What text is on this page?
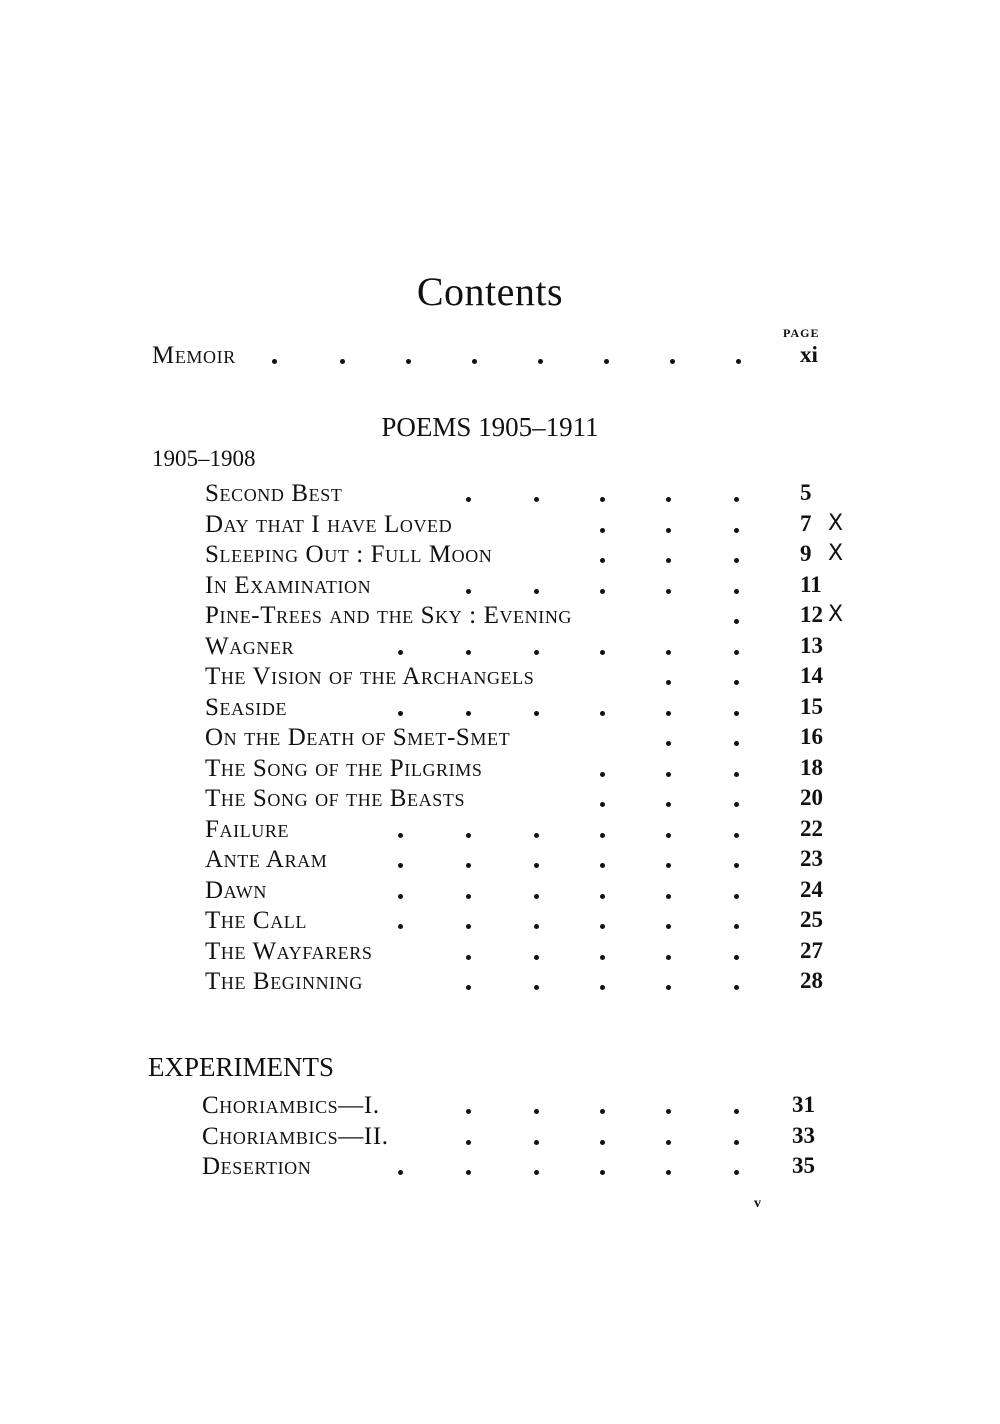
Contents
PAGE
Memoir	xi
POEMS 1905–1911
1905–1908
Second Best	5
Day that I have Loved	7 X
Sleeping Out : Full Moon	9 X
In Examination	11
Pine-Trees and the Sky : Evening	12 X
Wagner	13
The Vision of the Archangels	14
Seaside	15
On the Death of Smet-Smet	16
The Song of the Pilgrims	18
The Song of the Beasts	20
Failure	22
Ante Aram	23
Dawn	24
The Call	25
The Wayfarers	27
The Beginning	28
EXPERIMENTS
Choriambics—I.	31
Choriambics—II.	33
Desertion	35
v
